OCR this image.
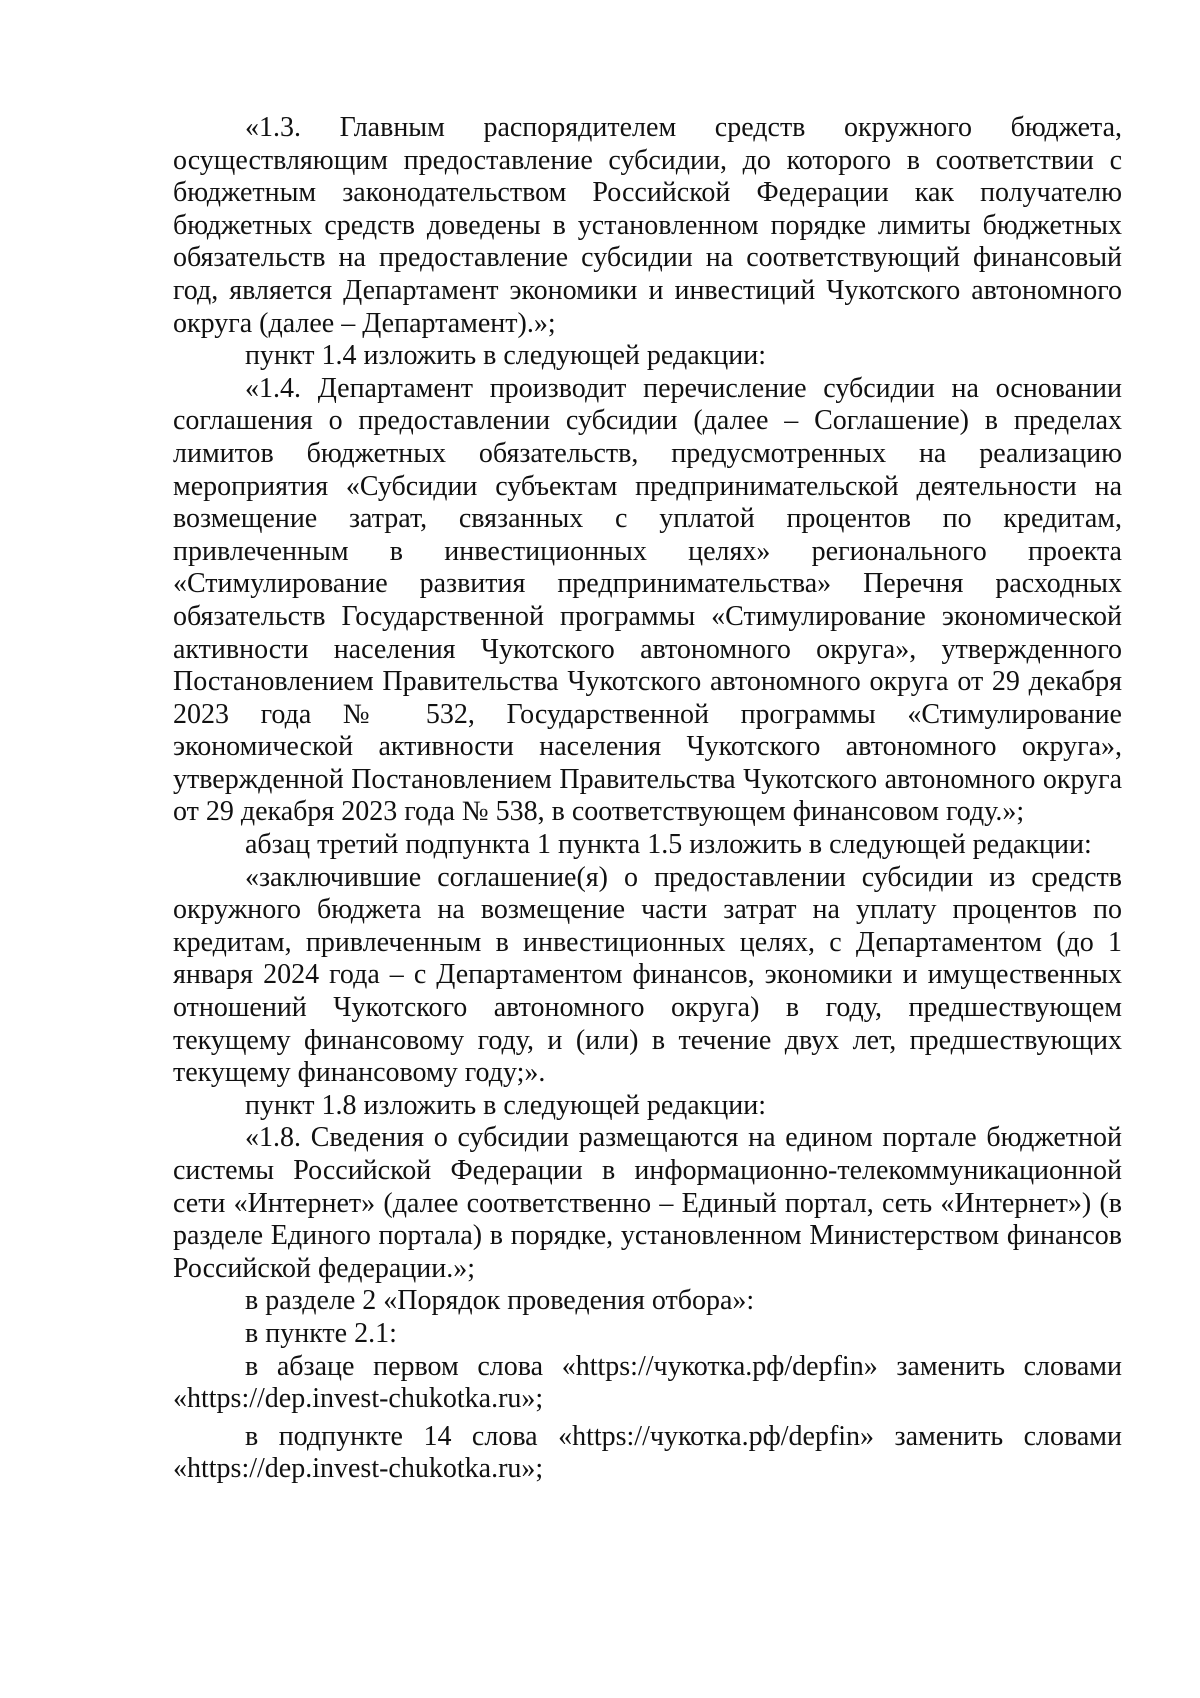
«1.3. Главным распорядителем средств окружного бюджета, осуществляющим предоставление субсидии, до которого в соответствии с бюджетным законодательством Российской Федерации как получателю бюджетных средств доведены в установленном порядке лимиты бюджетных обязательств на предоставление субсидии на соответствующий финансовый год, является Департамент экономики и инвестиций Чукотского автономного округа (далее – Департамент).»;

пункт 1.4 изложить в следующей редакции:

«1.4. Департамент производит перечисление субсидии на основании соглашения о предоставлении субсидии (далее – Соглашение) в пределах лимитов бюджетных обязательств, предусмотренных на реализацию мероприятия «Субсидии субъектам предпринимательской деятельности на возмещение затрат, связанных с уплатой процентов по кредитам, привлеченным в инвестиционных целях» регионального проекта «Стимулирование развития предпринимательства» Перечня расходных обязательств Государственной программы «Стимулирование экономической активности населения Чукотского автономного округа», утвержденного Постановлением Правительства Чукотского автономного округа от 29 декабря 2023 года № 532, Государственной программы «Стимулирование экономической активности населения Чукотского автономного округа», утвержденной Постановлением Правительства Чукотского автономного округа от 29 декабря 2023 года № 538, в соответствующем финансовом году.»;

абзац третий подпункта 1 пункта 1.5 изложить в следующей редакции:

«заключившие соглашение(я) о предоставлении субсидии из средств окружного бюджета на возмещение части затрат на уплату процентов по кредитам, привлеченным в инвестиционных целях, с Департаментом (до 1 января 2024 года – с Департаментом финансов, экономики и имущественных отношений Чукотского автономного округа) в году, предшествующем текущему финансовому году, и (или) в течение двух лет, предшествующих текущему финансовому году;».

пункт 1.8 изложить в следующей редакции:

«1.8. Сведения о субсидии размещаются на едином портале бюджетной системы Российской Федерации в информационно-телекоммуникационной сети «Интернет» (далее соответственно – Единый портал, сеть «Интернет») (в разделе Единого портала) в порядке, установленном Министерством финансов Российской федерации.»;

в разделе 2 «Порядок проведения отбора»:

в пункте 2.1:

в абзаце первом слова «https://чукотка.рф/depfin» заменить словами «https://dep.invest-chukotka.ru»;

в подпункте 14 слова «https://чукотка.рф/depfin» заменить словами «https://dep.invest-chukotka.ru»;
